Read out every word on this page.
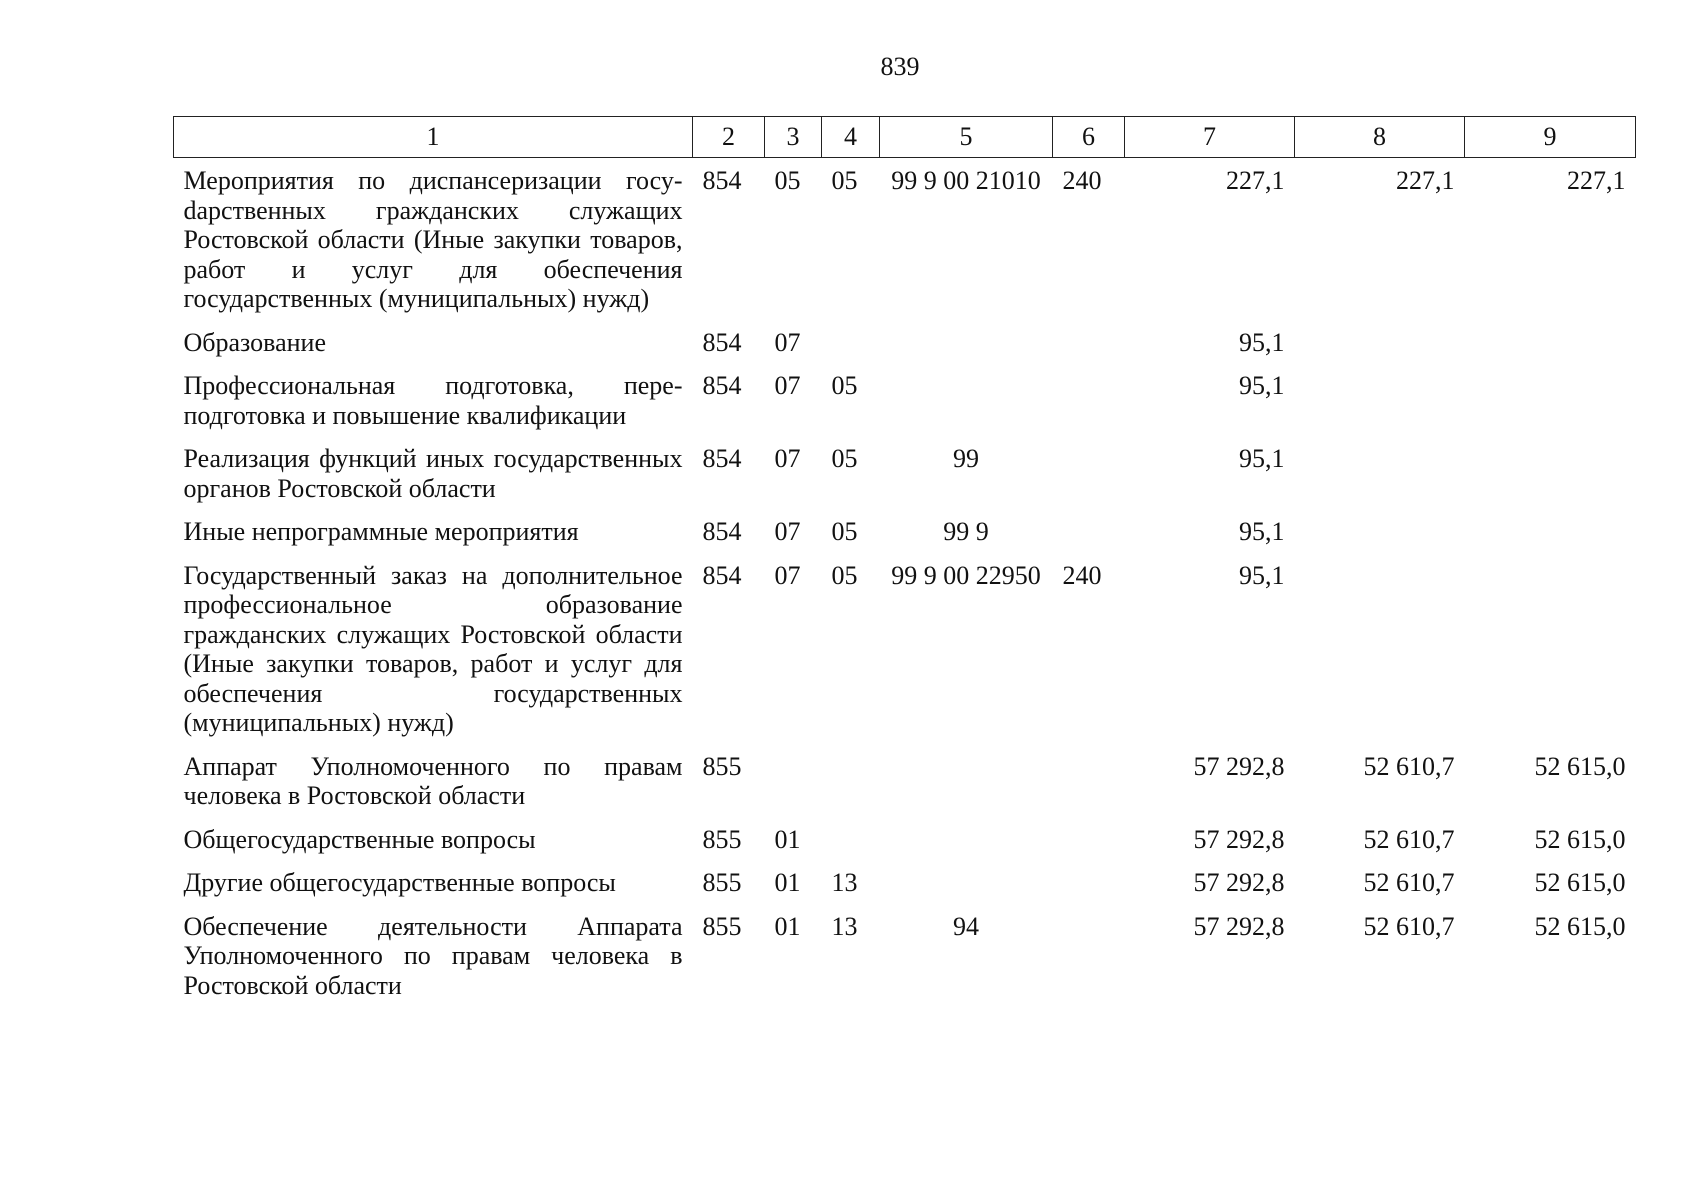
839
1	2	3	4	5	6	7	8	9
Мероприятия по диспансеризации госуdарственных гражданских служащих Ростовской области (Иные закупки товаров, работ и услуг для обеспечения государственных (муниципальных) нужд)	854	05	05	99 9 00 21010	240	227,1	227,1	227,1
Образование	854	07				95,1		
Профессиональная подготовка, переподготовка и повышение квалификации	854	07	05			95,1		
Реализация функций иных государственных органов Ростовской области	854	07	05	99		95,1		
Иные непрограммные мероприятия	854	07	05	99 9		95,1		
Государственный заказ на дополнительное профессиональное образование гражданских служащих Ростовской области (Иные закупки товаров, работ и услуг для обеспечения государственных (муниципальных) нужд)	854	07	05	99 9 00 22950	240	95,1		
Аппарат Уполномоченного по правам человека в Ростовской области	855					57 292,8	52 610,7	52 615,0
Общегосударственные вопросы	855	01				57 292,8	52 610,7	52 615,0
Другие общегосударственные вопросы	855	01	13			57 292,8	52 610,7	52 615,0
Обеспечение деятельности Аппарата Уполномоченного по правам человека в Ростовской области	855	01	13	94		57 292,8	52 610,7	52 615,0
